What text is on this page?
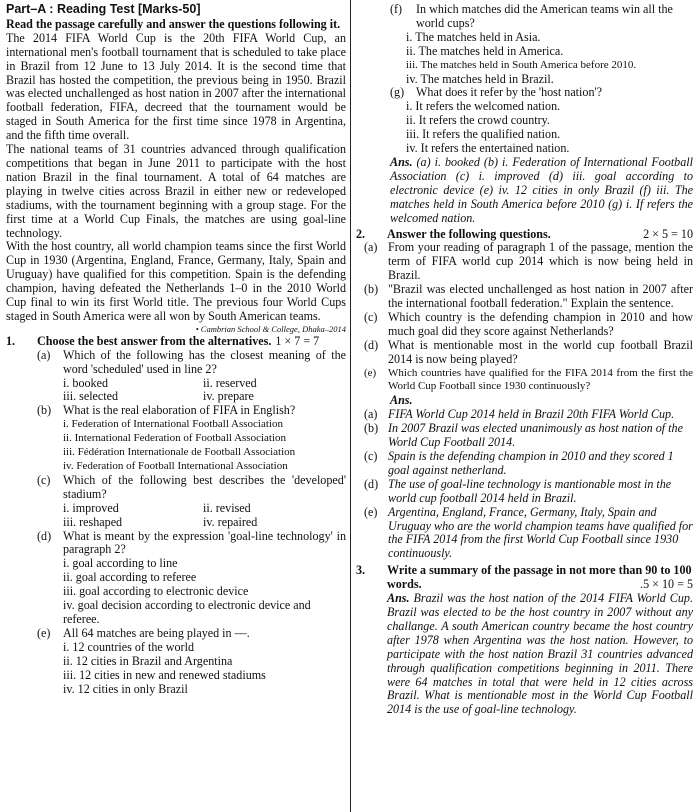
Part–A : Reading Test [Marks-50]
Read the passage carefully and answer the questions following it.
The 2014 FIFA World Cup is the 20th FIFA World Cup, an international men's football tournament that is scheduled to take place in Brazil from 12 June to 13 July 2014. It is the second time that Brazil has hosted the competition, the previous being in 1950. Brazil was elected unchallenged as host nation in 2007 after the international football federation, FIFA, decreed that the tournament would be staged in South America for the first time since 1978 in Argentina, and the fifth time overall.
The national teams of 31 countries advanced through qualification competitions that began in June 2011 to participate with the host nation Brazil in the final tournament. A total of 64 matches are playing in twelve cities across Brazil in either new or redeveloped stadiums, with the tournament beginning with a group stage. For the first time at a World Cup Finals, the matches are using goal-line technology.
With the host country, all world champion teams since the first World Cup in 1930 (Argentina, England, France, Germany, Italy, Spain and Uruguay) have qualified for this competition. Spain is the defending champion, having defeated the Netherlands 1–0 in the 2010 World Cup final to win its first World title. The previous four World Cups staged in South America were all won by South American teams.
• Cambrian School & College, Dhaka–2014
1.	Choose the best answer from the alternatives. 1 × 7 = 7
(a)	Which of the following has the closest meaning of the word 'scheduled' used in line 2?
i. booked	ii. reserved
iii. selected	iv. prepare
(b) What is the real elaboration of FIFA in English?
i. Federation of International Football Association
ii. International Federation of Football Association
iii. Fédération Internationale de Football Association
iv. Federation of Football International Association
(c)	Which of the following best describes the 'developed' stadium?
i. improved	ii. revised
iii. reshaped	iv. repaired
(d) What is meant by the expression 'goal-line technology' in paragraph 2?
i. goal according to line
ii. goal according to referee
iii. goal according to electronic device
iv. goal decision according to electronic device and referee.
(e)	All 64 matches are being played in —.
i. 12 countries of the world
ii. 12 cities in Brazil and Argentina
iii. 12 cities in new and renewed stadiums
iv. 12 cities in only Brazil
(f)	In which matches did the American teams win all the world cups?
i. The matches held in Asia.
ii. The matches held in America.
iii. The matches held in South America before 2010.
iv. The matches held in Brazil.
(g) What does it refer by the 'host nation'?
i. It refers the welcomed nation.
ii. It refers the crowd country.
iii. It refers the qualified nation.
iv. It refers the entertained nation.
Ans. (a) i. booked (b) i. Federation of International Football Association (c) i. improved (d) iii. goal according to electronic device (e) iv. 12 cities in only Brazil (f) iii. The matches held in South America before 2010 (g) i. If refers the welcomed nation.
2.	Answer the following questions.	2 × 5 = 10
(a) From your reading of paragraph 1 of the passage, mention the term of FIFA world cup 2014 which is now being held in Brazil.
(b) "Brazil was elected unchallenged as host nation in 2007 after the international football federation." Explain the sentence.
(c) Which country is the defending champion in 2010 and how much goal did they score against Netherlands?
(d) What is mentionable most in the world cup football Brazil 2014 is now being played?
(e)	Which countries have qualified for the FIFA 2014 from the first the World Cup Football since 1930 continuously?
Ans.
(a) FIFA World Cup 2014 held in Brazil 20th FIFA World Cup.
(b) In 2007 Brazil was elected unanimously as host nation of the World Cup Football 2014.
(c) Spain is the defending champion in 2010 and they scored 1 goal against netherland.
(d) The use of goal-line technology is mantionable most in the world cup football 2014 held in Brazil.
(e) Argentina, England, France, Germany, Italy, Spain and Uruguay who are the world champion teams have qualified for the FIFA 2014 from the first World Cup Football since 1930 continuously.
3.	Write a summary of the passage in not more than 90 to 100 words.	.5 × 10 = 5
Ans. Brazil was the host nation of the 2014 FIFA World Cup. Brazil was elected to be the host country in 2007 without any challange. A south American country became the host country after 1978 when Argentina was the host nation. However, to participate with the host nation Brazil 31 countries advanced through qualification competitions beginning in 2011. There were 64 matches in total that were held in 12 cities across Brazil. What is mentionable most in the World Cup Football 2014 is the use of goal-line technology.
